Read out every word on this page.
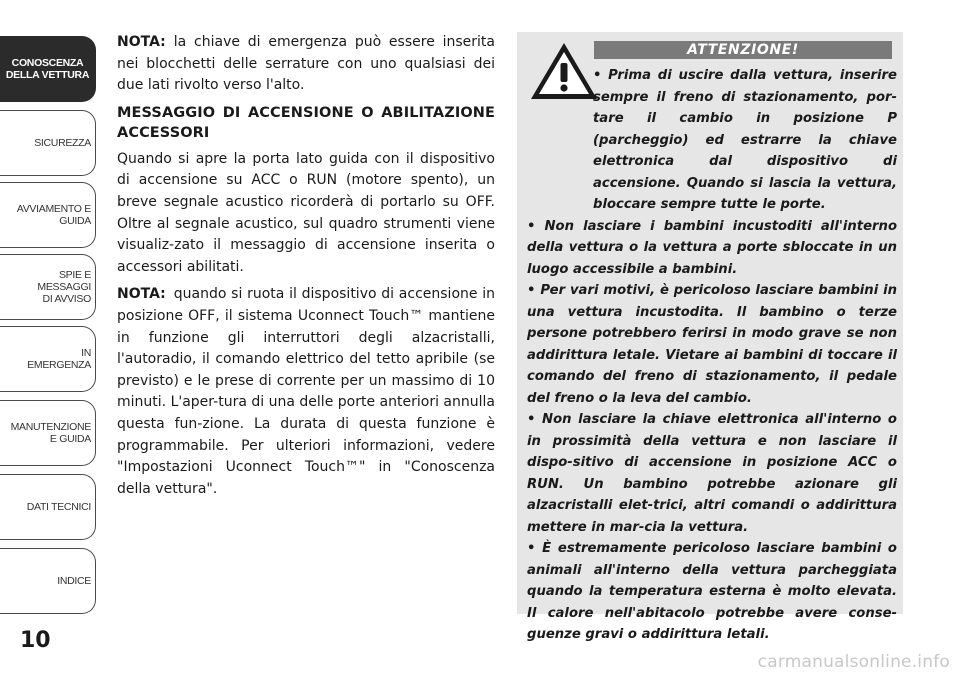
CONOSCENZA
DELLA VETTURA
SICUREZZA
AVVIAMENTO E
GUIDA
SPIE E
MESSAGGI
DI AVVISO
IN
EMERGENZA
MANUTENZIONE
E GUIDA
DATI TECNICI
INDICE
10

NOTA: la chiave di emergenza può essere inserita nei blocchetti delle serrature con uno qualsiasi dei due lati rivolto verso l'alto.

MESSAGGIO DI ACCENSIONE O ABILITAZIONE ACCESSORI

Quando si apre la porta lato guida con il dispositivo di accensione su ACC o RUN (motore spento), un breve segnale acustico ricorderà di portarlo su OFF. Oltre al segnale acustico, sul quadro strumenti viene visualiz-zato il messaggio di accensione inserita o accessori abilitati.

NOTA: quando si ruota il dispositivo di accensione in posizione OFF, il sistema Uconnect Touch™ mantiene in funzione gli interruttori degli alzacristalli, l'autoradio, il comando elettrico del tetto apribile (se previsto) e le prese di corrente per un massimo di 10 minuti. L'aper-tura di una delle porte anteriori annulla questa fun-zione. La durata di questa funzione è programmabile. Per ulteriori informazioni, vedere "Impostazioni Uconnect Touch™" in "Conoscenza della vettura".

ATTENZIONE!

• Prima di uscire dalla vettura, inserire sempre il freno di stazionamento, por-tare il cambio in posizione P (parcheggio) ed estrarre la chiave elettronica dal dispositivo di accensione. Quando si lascia la vettura, bloccare sempre tutte le porte.

• Non lasciare i bambini incustoditi all'interno della vettura o la vettura a porte sbloccate in un luogo accessibile a bambini.

• Per vari motivi, è pericoloso lasciare bambini in una vettura incustodita. Il bambino o terze persone potrebbero ferirsi in modo grave se non addirittura letale. Vietare ai bambini di toccare il comando del freno di stazionamento, il pedale del freno o la leva del cambio.

• Non lasciare la chiave elettronica all'interno o in prossimità della vettura e non lasciare il dispo-sitivo di accensione in posizione ACC o RUN. Un bambino potrebbe azionare gli alzacristalli elet-trici, altri comandi o addirittura mettere in mar-cia la vettura.

• È estremamente pericoloso lasciare bambini o animali all'interno della vettura parcheggiata quando la temperatura esterna è molto elevata. Il calore nell'abitacolo potrebbe avere conse-guenze gravi o addirittura letali.

carmanualsonline.info
